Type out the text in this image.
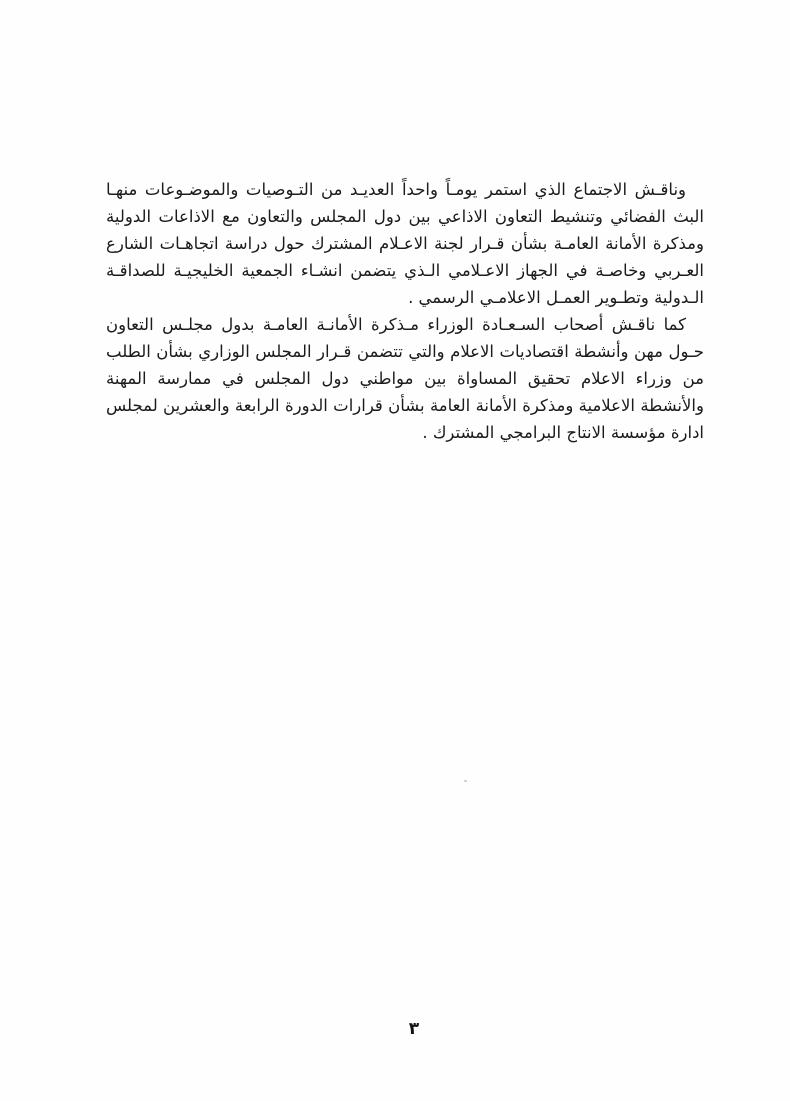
وناقـش الاجتماع الذي استمر يومـاً واحداً العديـد من التـوصيات والموضـوعات منهـا البث الفضائي وتنشيط التعاون الاذاعي بين دول المجلس والتعاون مع الاذاعات الدولية ومذكرة الأمانة العامـة بشأن قـرار لجنة الاعـلام المشترك حول دراسة اتجاهـات الشارع العـربي وخاصـة في الجهاز الاعـلامي الـذي يتضمن انشـاء الجمعية الخليجيـة للصداقـة الـدولية وتطـوير العمـل الاعلامـي الرسمي .

كما ناقـش أصحاب السـعـادة الوزراء مـذكرة الأمانـة العامـة بدول مجلـس التعاون حـول مهن وأنشطة اقتصاديات الاعلام والتي تتضمن قـرار المجلس الوزاري بشأن الطلب من وزراء الاعلام تحقيق المساواة بين مواطني دول المجلس في ممارسة المهنة والأنشطة الاعلامية ومذكرة الأمانة العامة بشأن قرارات الدورة الرابعة والعشرين لمجلس ادارة مؤسسة الانتاج البرامجي المشترك .

٣
